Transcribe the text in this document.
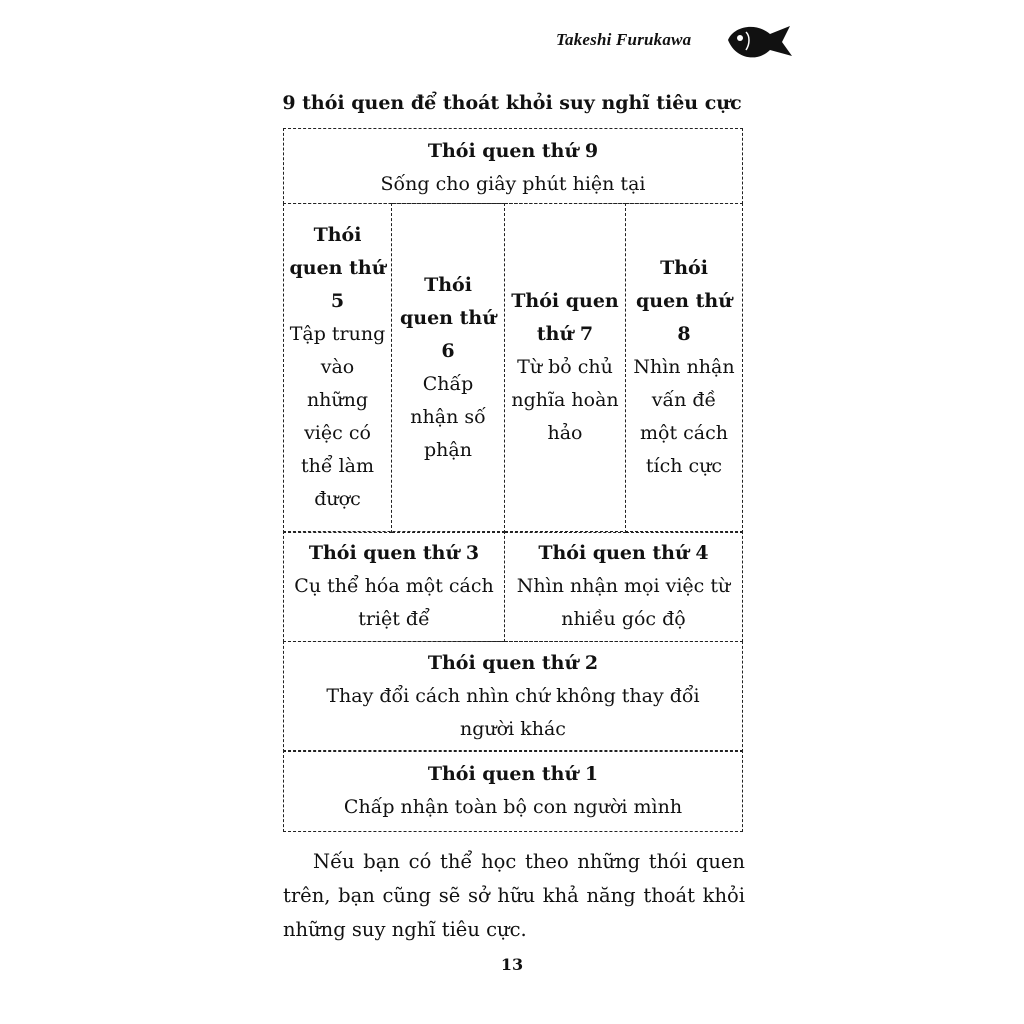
Takeshi Furukawa
9 thói quen để thoát khỏi suy nghĩ tiêu cực
Thói quen thứ 9
Sống cho giây phút hiện tại
Thói quen thứ 5
Tập trung vào những việc có thể làm được
Thói quen thứ 6
Chấp nhận số phận
Thói quen thứ 7
Từ bỏ chủ nghĩa hoàn hảo
Thói quen thứ 8
Nhìn nhận vấn đề một cách tích cực
Thói quen thứ 3
Cụ thể hóa một cách triệt để
Thói quen thứ 4
Nhìn nhận mọi việc từ nhiều góc độ
Thói quen thứ 2
Thay đổi cách nhìn chứ không thay đổi người khác
Thói quen thứ 1
Chấp nhận toàn bộ con người mình

Nếu bạn có thể học theo những thói quen trên, bạn cũng sẽ sở hữu khả năng thoát khỏi những suy nghĩ tiêu cực.

13
